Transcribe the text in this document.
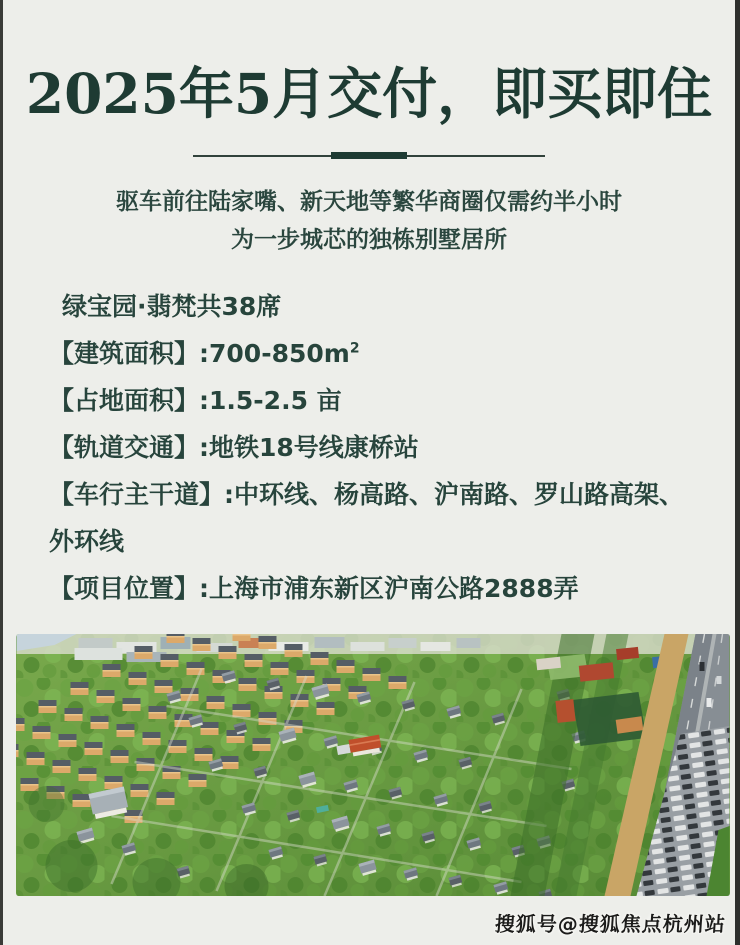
2025年5月交付，即买即住
驱车前往陆家嘴、新天地等繁华商圈仅需约半小时
为一步城芯的独栋别墅居所
绿宝园·翡梵共38席
【建筑面积】$:700-850m^2$
【占地面积】:1.5-2.5 亩
【轨道交通】:地铁18号线康桥站
【车行主干道】:中环线、杨高路、沪南路、罗山路高架、外环线
【项目位置】:上海市浦东新区沪南公路2888弄
搜狐号@搜狐焦点杭州站
